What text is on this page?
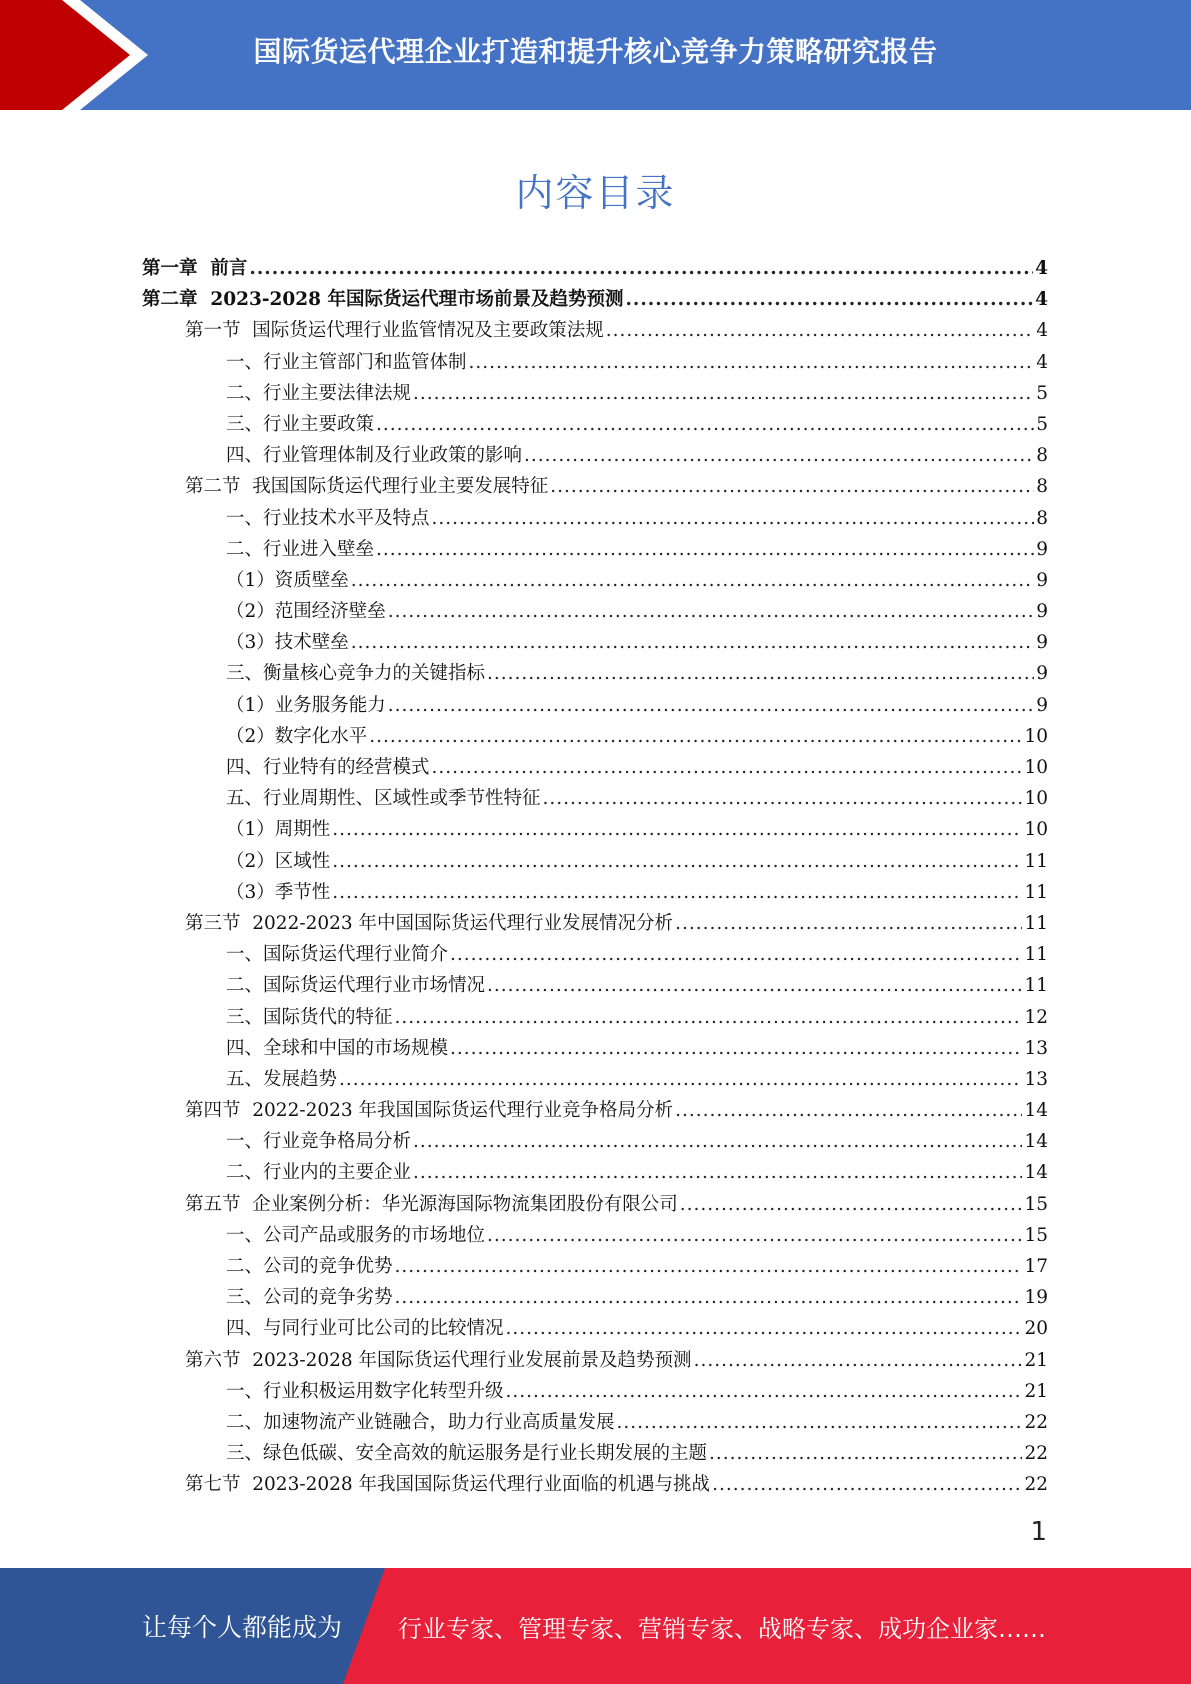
国际货运代理企业打造和提升核心竞争力策略研究报告
内容目录
第一章  前言 .....	4
第二章  2023-2028 年国际货运代理市场前景及趋势预测 .....	4
第一节  国际货运代理行业监管情况及主要政策法规 .....	4
一、行业主管部门和监管体制 .....	4
二、行业主要法律法规 .....	5
三、行业主要政策 .....	5
四、行业管理体制及行业政策的影响 .....	8
第二节  我国国际货运代理行业主要发展特征 .....	8
一、行业技术水平及特点 .....	8
二、行业进入壁垒 .....	9
（1）资质壁垒 .....	9
（2）范围经济壁垒 .....	9
（3）技术壁垒 .....	9
三、衡量核心竞争力的关键指标 .....	9
（1）业务服务能力 .....	9
（2）数字化水平 .....	10
四、行业特有的经营模式 .....	10
五、行业周期性、区域性或季节性特征 .....	10
（1）周期性 .....	10
（2）区域性 .....	11
（3）季节性 .....	11
第三节  2022-2023 年中国国际货运代理行业发展情况分析 .....	11
一、国际货运代理行业简介 .....	11
二、国际货运代理行业市场情况 .....	11
三、国际货代的特征 .....	12
四、全球和中国的市场规模 .....	13
五、发展趋势 .....	13
第四节  2022-2023 年我国国际货运代理行业竞争格局分析 .....	14
一、行业竞争格局分析 .....	14
二、行业内的主要企业 .....	14
第五节  企业案例分析：华光源海国际物流集团股份有限公司 .....	15
一、公司产品或服务的市场地位 .....	15
二、公司的竞争优势 .....	17
三、公司的竞争劣势 .....	19
四、与同行业可比公司的比较情况 .....	20
第六节  2023-2028 年国际货运代理行业发展前景及趋势预测 .....	21
一、行业积极运用数字化转型升级 .....	21
二、加速物流产业链融合，助力行业高质量发展 .....	22
三、绿色低碳、安全高效的航运服务是行业长期发展的主题 .....	22
第七节  2023-2028 年我国国际货运代理行业面临的机遇与挑战 .....	22
1
让每个人都能成为 行业专家、管理专家、营销专家、战略专家、成功企业家……
